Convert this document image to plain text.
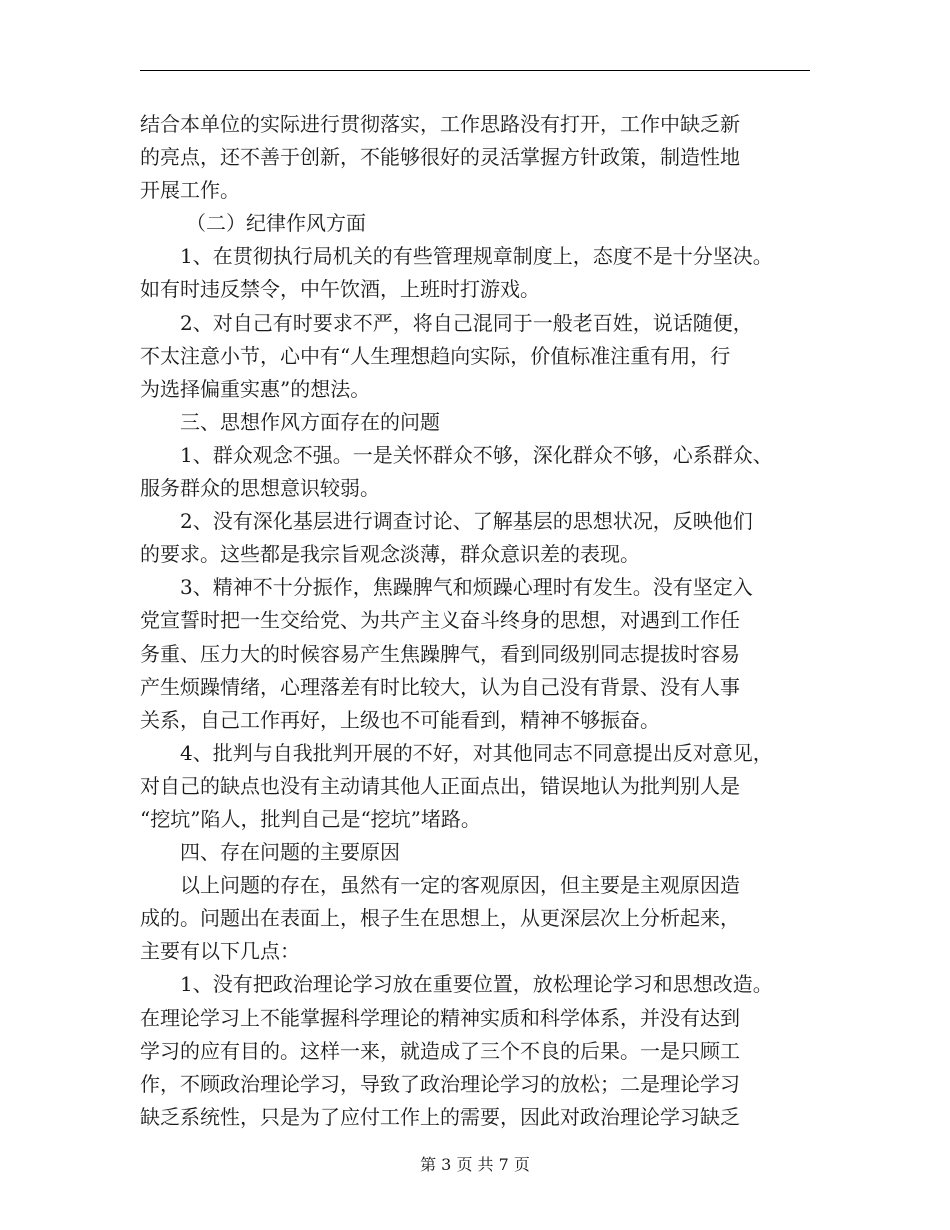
结合本单位的实际进行贯彻落实，工作思路没有打开，工作中缺乏新
的亮点，还不善于创新，不能够很好的灵活掌握方针政策，制造性地
开展工作。
（二）纪律作风方面
1、在贯彻执行局机关的有些管理规章制度上，态度不是十分坚决。
如有时违反禁令，中午饮酒，上班时打游戏。
2、对自己有时要求不严，将自己混同于一般老百姓，说话随便，
不太注意小节，心中有“人生理想趋向实际，价值标准注重有用，行
为选择偏重实惠”的想法。
三、思想作风方面存在的问题
1、群众观念不强。一是关怀群众不够，深化群众不够，心系群众、
服务群众的思想意识较弱。
2、没有深化基层进行调查讨论、了解基层的思想状况，反映他们
的要求。这些都是我宗旨观念淡薄，群众意识差的表现。
3、精神不十分振作，焦躁脾气和烦躁心理时有发生。没有坚定入
党宣誓时把一生交给党、为共产主义奋斗终身的思想，对遇到工作任
务重、压力大的时候容易产生焦躁脾气，看到同级别同志提拔时容易
产生烦躁情绪，心理落差有时比较大，认为自己没有背景、没有人事
关系，自己工作再好，上级也不可能看到，精神不够振奋。
4、批判与自我批判开展的不好，对其他同志不同意提出反对意见，
对自己的缺点也没有主动请其他人正面点出，错误地认为批判别人是
“挖坑”陷人，批判自己是“挖坑”堵路。
四、存在问题的主要原因
以上问题的存在，虽然有一定的客观原因，但主要是主观原因造
成的。问题出在表面上，根子生在思想上，从更深层次上分析起来，
主要有以下几点：
1、没有把政治理论学习放在重要位置，放松理论学习和思想改造。
在理论学习上不能掌握科学理论的精神实质和科学体系，并没有达到
学习的应有目的。这样一来，就造成了三个不良的后果。一是只顾工
作，不顾政治理论学习，导致了政治理论学习的放松；二是理论学习
缺乏系统性，只是为了应付工作上的需要，因此对政治理论学习缺乏
第 3 页 共 7 页
